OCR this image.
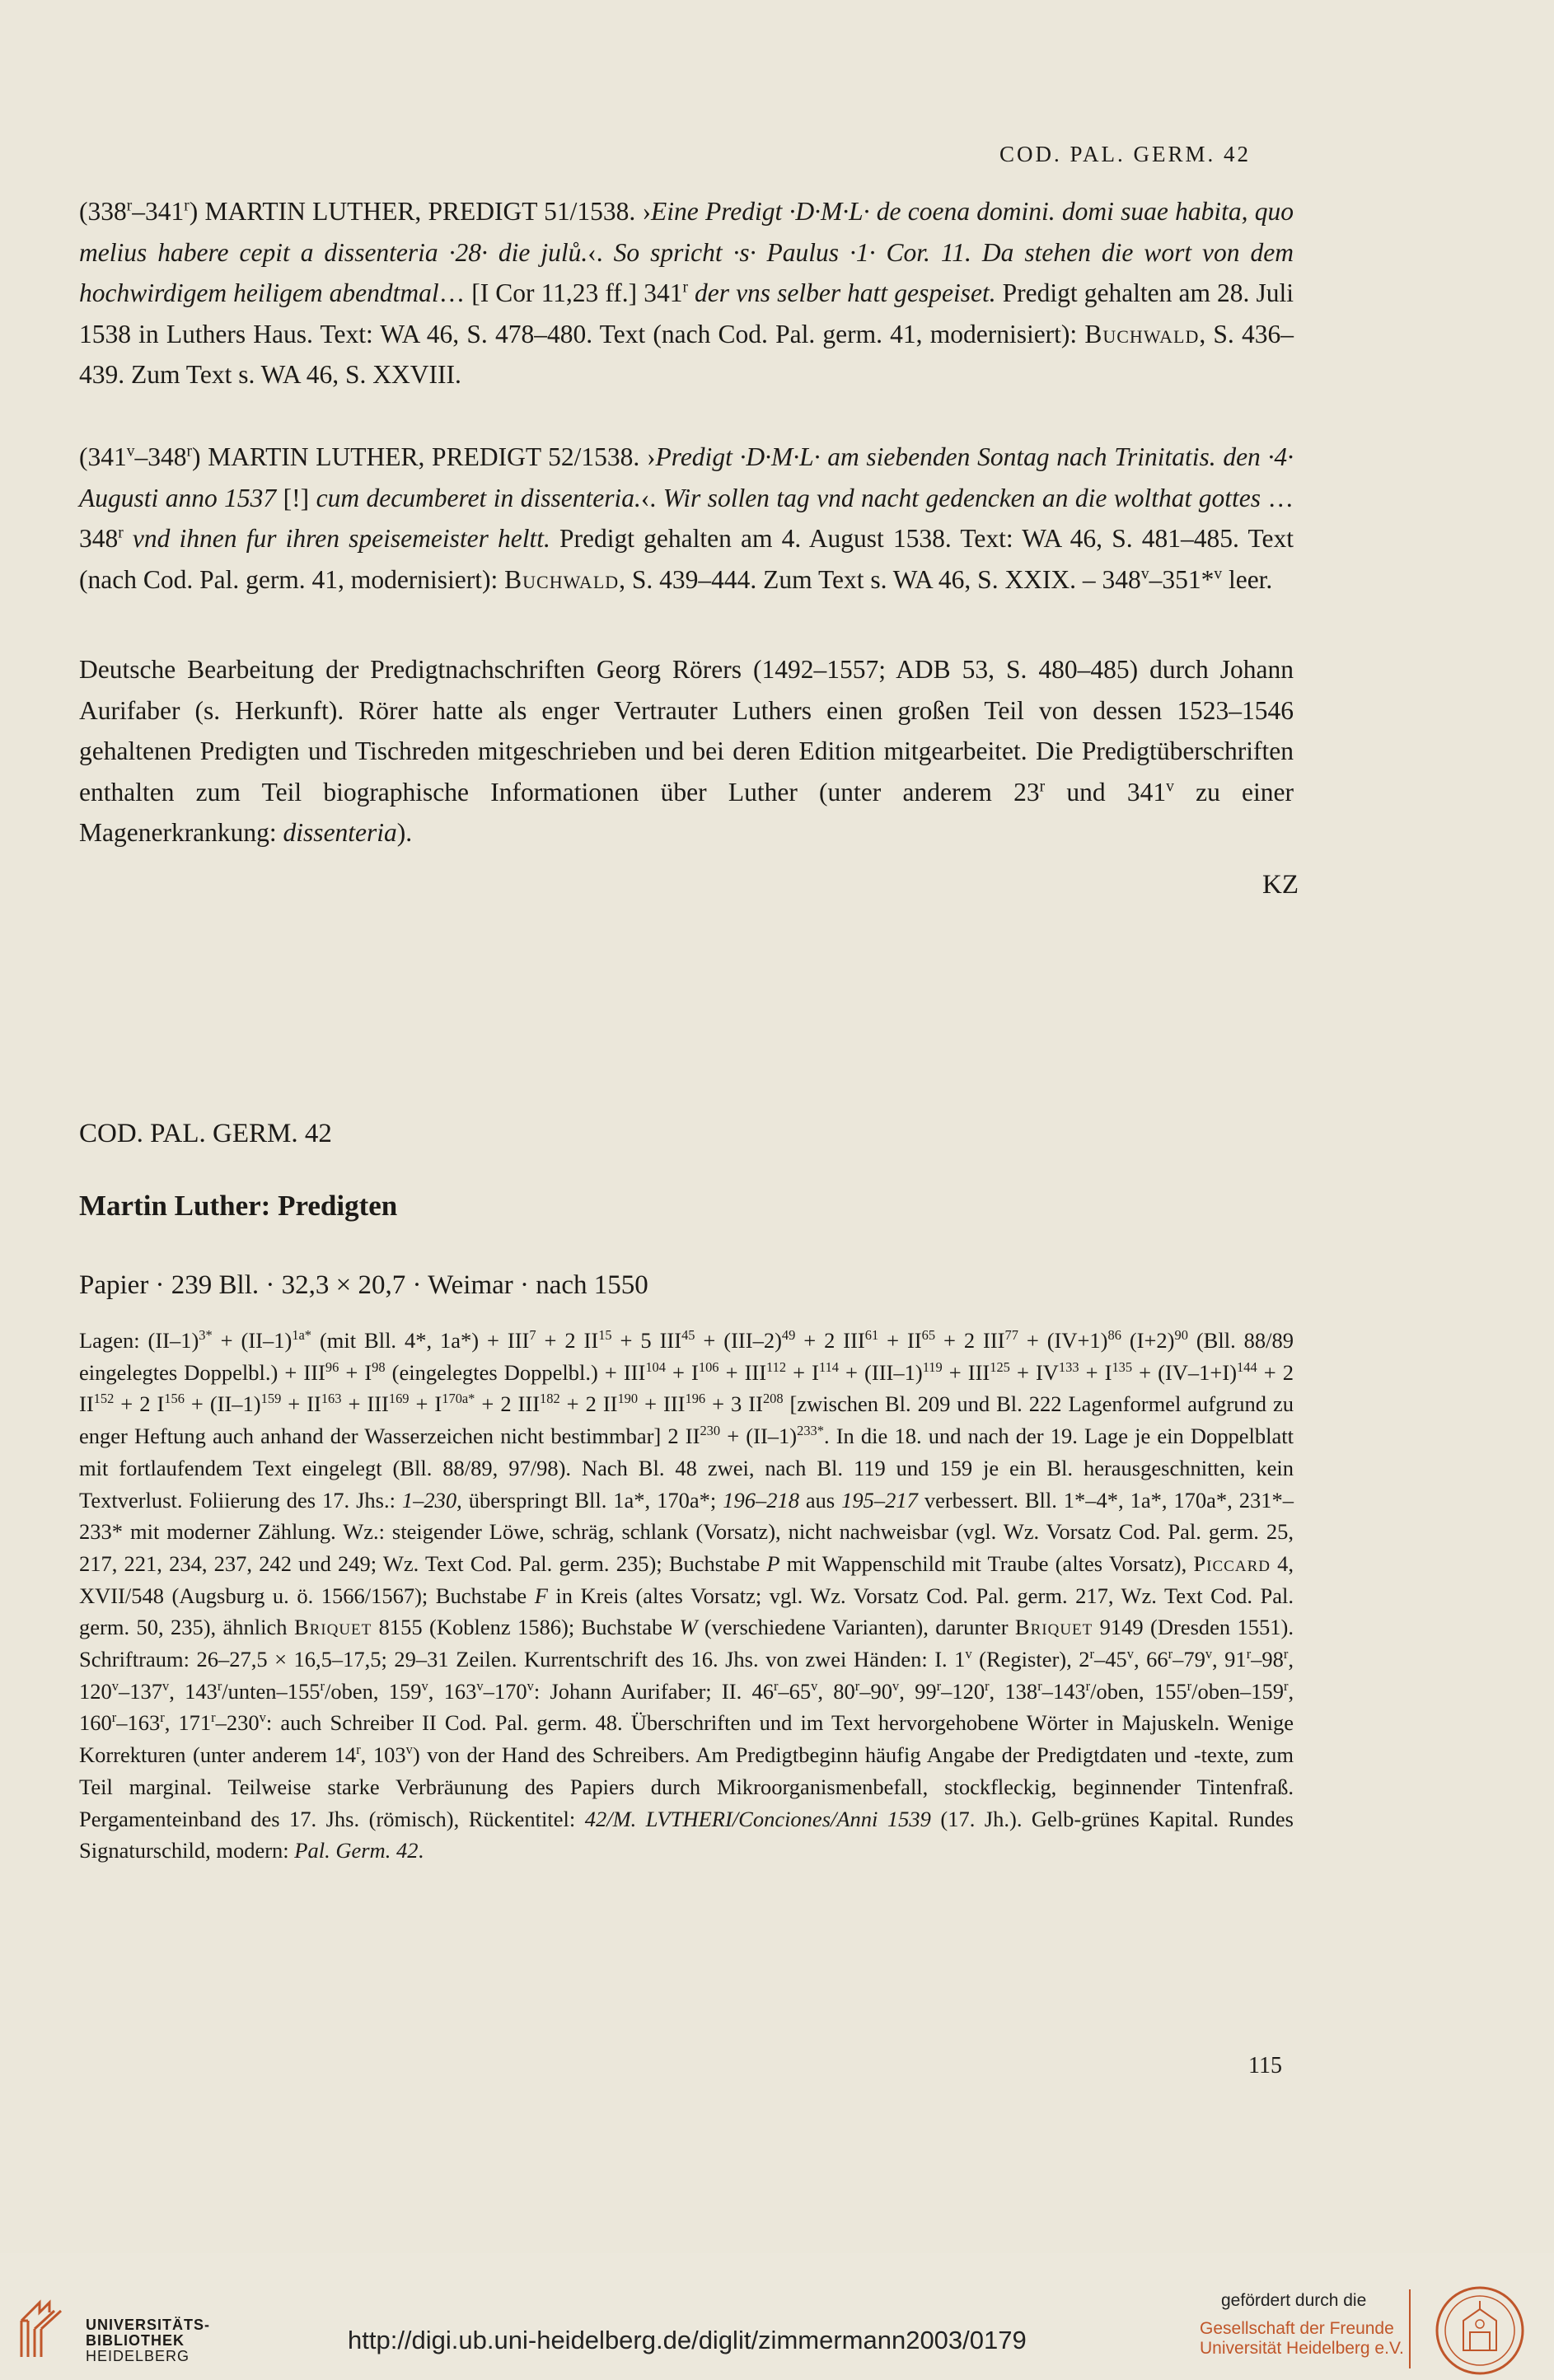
COD. PAL. GERM. 42

(338$^r$–341$^r$) MARTIN LUTHER, PREDIGT 51/1538. ›Eine Predigt ·D·M·L· de coena domini. domi suae habita, quo melius habere cepit a dissenteria ·28· die julů.‹. So spricht ·s· Paulus ·1· Cor. 11. Da stehen die wort von dem hochwirdigem heiligem abendtmal… [I Cor 11,23 ff.] 341$^r$ der vns selber hatt gespeiset. Predigt gehalten am 28. Juli 1538 in Luthers Haus. Text: WA 46, S. 478–480. Text (nach Cod. Pal. germ. 41, modernisiert): Buchwald, S. 436–439. Zum Text s. WA 46, S. XXVIII.

(341$^v$–348$^r$) MARTIN LUTHER, PREDIGT 52/1538. ›Predigt ·D·M·L· am siebenden Sontag nach Trinitatis. den ·4· Augusti anno 1537 [!] cum decumberet in dissenteria.‹. Wir sollen tag vnd nacht gedencken an die wolthat gottes … 348$^r$ vnd ihnen fur ihren speisemeister heltt. Predigt gehalten am 4. August 1538. Text: WA 46, S. 481–485. Text (nach Cod. Pal. germ. 41, modernisiert): Buchwald, S. 439–444. Zum Text s. WA 46, S. XXIX. – 348$^v$–351*$^v$ leer.

Deutsche Bearbeitung der Predigtnachschriften Georg Rörers (1492–1557; ADB 53, S. 480–485) durch Johann Aurifaber (s. Herkunft). Rörer hatte als enger Vertrauter Luthers einen großen Teil von dessen 1523–1546 gehaltenen Predigten und Tischreden mitgeschrieben und bei deren Edition mitgearbeitet. Die Predigtüberschriften enthalten zum Teil biographische Informationen über Luther (unter anderem 23$^r$ und 341$^v$ zu einer Magenerkrankung: dissenteria).

KZ
COD. PAL. GERM. 42
Martin Luther: Predigten
Papier · 239 Bll. · 32,3 × 20,7 · Weimar · nach 1550

Lagen: $(II-1)^{3*} + (II-1)^{1a*}$ (mit Bll. 4*, $1a*) + III^7 + 2$ $II^{15} + 5$ $III^{45} + (III-2)^{49} + 2$ $III^{61} + II^{65} + 2$ $III^{77} + (IV+1)^{86}$ $(I+2)^{90}$ (Bll. 88/89 eingelegtes Doppelbl.) + $III^{96} + I^{98}$ (eingelegtes Doppelbl.) + $III^{104} + I^{106} + III^{112} + I^{114} + (III-1)^{119} + III^{125} + IV^{133} + I^{135} + (IV-1+I)^{144} + 2$ $II^{152} + 2$ $I^{156} + (II-1)^{159} + II^{163} + III^{169} + I^{170a*} + 2$ $III^{182} + 2$ $II^{190} + III^{196} + 3$ II$^{208}$ [zwischen Bl. 209 und Bl. 222 Lagenformel aufgrund zu enger Heftung auch anhand der Wasserzeichen nicht bestimmbar] 2 $II^{230} + (II-1)^{233*}$. In die 18. und nach der 19. Lage je ein Doppelblatt mit fortlaufendem Text eingelegt (Bll. 88/89, 97/98). Nach Bl. 48 zwei, nach Bl. 119 und 159 je ein Bl. herausgeschnitten, kein Textverlust. Foliierung des 17. Jhs.: 1–230, überspringt Bll. 1a*, 170a*; 196–218 aus 195–217 verbessert. Bll. 1*–4*, 1a*, 170a*, 231*–233* mit moderner Zählung. Wz.: steigender Löwe, schräg, schlank (Vorsatz), nicht nachweisbar (vgl. Wz. Vorsatz Cod. Pal. germ. 25, 217, 221, 234, 237, 242 und 249; Wz. Text Cod. Pal. germ. 235); Buchstabe P mit Wappenschild mit Traube (altes Vorsatz), Piccard 4, XVII/548 (Augsburg u. ö. 1566/1567); Buchstabe F in Kreis (altes Vorsatz; vgl. Wz. Vorsatz Cod. Pal. germ. 217, Wz. Text Cod. Pal. germ. 50, 235), ähnlich Briquet 8155 (Koblenz 1586); Buchstabe W (verschiedene Varianten), darunter Briquet 9149 (Dresden 1551). Schriftraum: 26–27,5 × 16,5–17,5; 29–31 Zeilen. Kurrentschrift des 16. Jhs. von zwei Händen: I. 1$^v$ (Register), 2$^r$–45$^v$, 66$^r$–79$^v$, 91$^r$–98$^r$, 120$^v$–137$^v$, 143$^r$/unten–155$^r$/oben, 159$^v$, 163$^v$–170$^v$: Johann Aurifaber; II. 46$^r$–65$^v$, 80$^r$–90$^v$, 99$^r$–120$^r$, 138$^r$–143$^r$/oben, 155$^r$/oben–159$^r$, 160$^r$–163$^r$, 171$^r$–230$^v$: auch Schreiber II Cod. Pal. germ. 48. Überschriften und im Text hervorgehobene Wörter in Majuskeln. Wenige Korrekturen (unter anderem 14$^r$, 103$^v$) von der Hand des Schreibers. Am Predigtbeginn häufig Angabe der Predigtdaten und -texte, zum Teil marginal. Teilweise starke Verbräunung des Papiers durch Mikroorganismenbefall, stockfleckig, beginnender Tintenfraß. Pergamenteinband des 17. Jhs. (römisch), Rückentitel: 42/M. LVTHERI/Conciones/Anni 1539 (17. Jh.). Gelb-grünes Kapital. Rundes Signaturschild, modern: Pal. Germ. 42.

115
UNIVERSITÄTS-
BIBLIOTHEK
HEIDELBERG
http://digi.ub.uni-heidelberg.de/diglit/zimmermann2003/0179
gefördert durch die
Gesellschaft der Freunde
Universität Heidelberg e.V.
